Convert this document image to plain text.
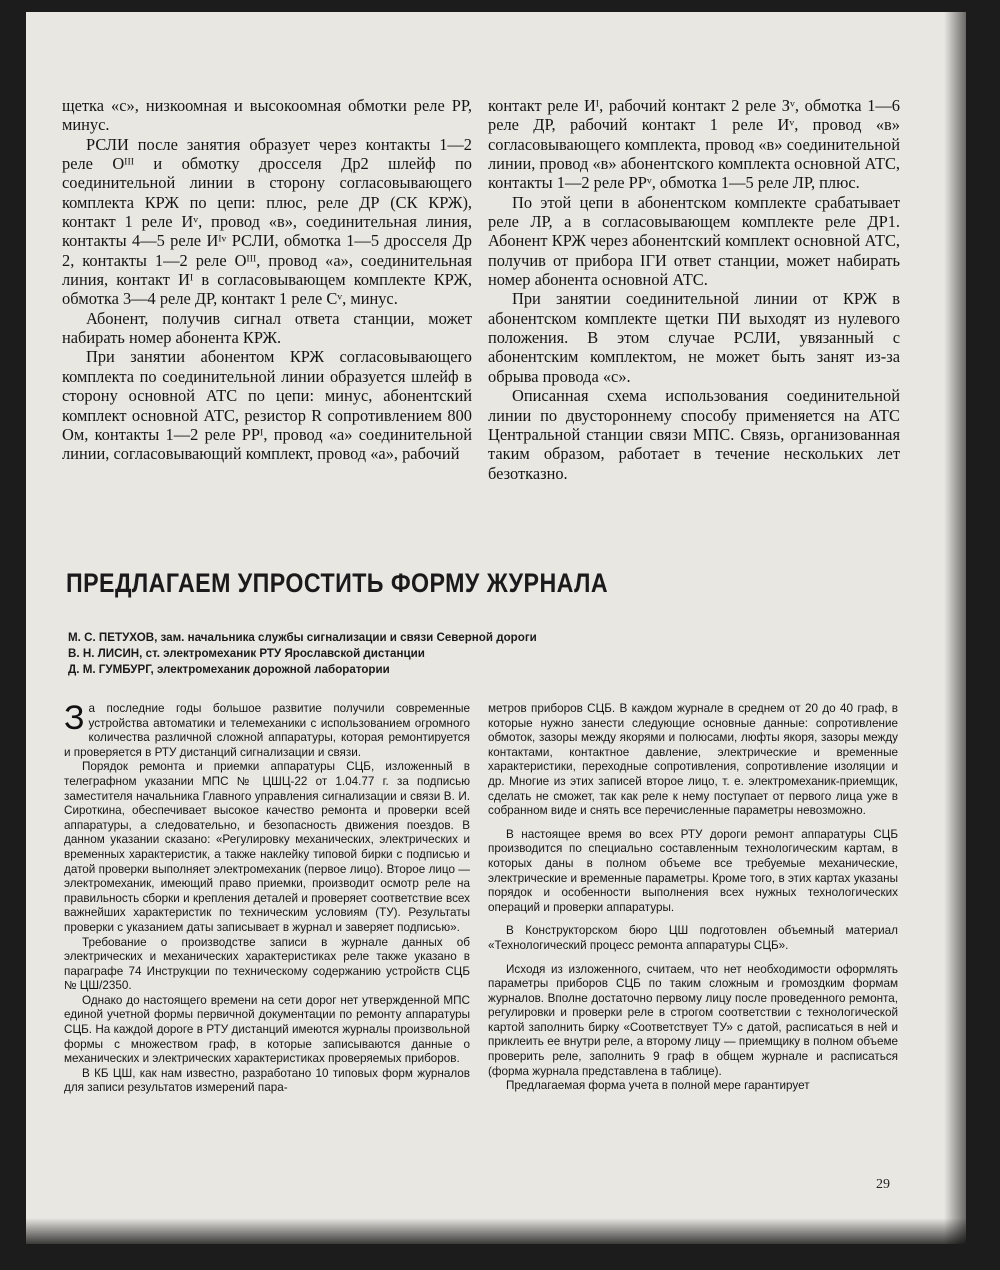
щетка «с», низкоомная и высокоомная обмотки реле РР, минус.

РСЛИ после занятия образует через контакты 1—2 реле Oᴵᴵᴵ и обмотку дросселя Др2 шлейф по соединительной линии в сторону согласовывающего комплекта КРЖ по цепи: плюс, реле ДР (СК КРЖ), контакт 1 реле Иᵛ, провод «в», соединительная линия, контакты 4—5 реле Иᴵᵛ РСЛИ, обмотка 1—5 дросселя Др 2, контакты 1—2 реле Oᴵᴵᴵ, провод «а», соединительная линия, контакт Иᴵ в согласовывающем комплекте КРЖ, обмотка 3—4 реле ДР, контакт 1 реле Сᵛ, минус.

Абонент, получив сигнал ответа станции, может набирать номер абонента КРЖ.

При занятии абонентом КРЖ согласовывающего комплекта по соединительной линии образуется шлейф в сторону основной АТС по цепи: минус, абонентский комплект основной АТС, резистор R сопротивлением 800 Ом, контакты 1—2 реле РРᴵ, провод «а» соединительной линии, согласовывающий комплект, провод «а», рабочий

контакт реле Иᴵ, рабочий контакт 2 реле Зᵛ, обмотка 1—6 реле ДР, рабочий контакт 1 реле Иᵛ, провод «в» согласовывающего комплекта, провод «в» соединительной линии, провод «в» абонентского комплекта основной АТС, контакты 1—2 реле РРᵛ, обмотка 1—5 реле ЛР, плюс.

По этой цепи в абонентском комплекте срабатывает реле ЛР, а в согласовывающем комплекте реле ДР1. Абонент КРЖ через абонентский комплект основной АТС, получив от прибора IГИ ответ станции, может набирать номер абонента основной АТС.

При занятии соединительной линии от КРЖ в абонентском комплекте щетки ПИ выходят из нулевого положения. В этом случае РСЛИ, увязанный с абонентским комплектом, не может быть занят из-за обрыва провода «с».

Описанная схема использования соединительной линии по двустороннему способу применяется на АТС Центральной станции связи МПС. Связь, организованная таким образом, работает в течение нескольких лет безотказно.

ПРЕДЛАГАЕМ УПРОСТИТЬ ФОРМУ ЖУРНАЛА
М. С. ПЕТУХОВ, зам. начальника службы сигнализации и связи Северной дороги
В. Н. ЛИСИН, ст. электромеханик РТУ Ярославской дистанции
Д. М. ГУМБУРГ, электромеханик дорожной лаборатории

За последние годы большое развитие получили современные устройства автоматики и телемеханики с использованием огромного количества различной сложной аппаратуры, которая ремонтируется и проверяется в РТУ дистанций сигнализации и связи.

Порядок ремонта и приемки аппаратуры СЦБ, изложенный в телеграфном указании МПС № ЦШЦ-22 от 1.04.77 г. за подписью заместителя начальника Главного управления сигнализации и связи В. И. Сироткина, обеспечивает высокое качество ремонта и проверки всей аппаратуры, а следовательно, и безопасность движения поездов. В данном указании сказано: «Регулировку механических, электрических и временных характеристик, а также наклейку типовой бирки с подписью и датой проверки выполняет электромеханик (первое лицо). Второе лицо — электромеханик, имеющий право приемки, производит осмотр реле на правильность сборки и крепления деталей и проверяет соответствие всех важнейших характеристик по техническим условиям (ТУ). Результаты проверки с указанием даты записывает в журнал и заверяет подписью».

Требование о производстве записи в журнале данных об электрических и механических характеристиках реле также указано в параграфе 74 Инструкции по техническому содержанию устройств СЦБ № ЦШ/2350.

Однако до настоящего времени на сети дорог нет утвержденной МПС единой учетной формы первичной документации по ремонту аппаратуры СЦБ. На каждой дороге в РТУ дистанций имеются журналы произвольной формы с множеством граф, в которые записываются данные о механических и электрических характеристиках проверяемых приборов.

В КБ ЦШ, как нам известно, разработано 10 типовых форм журналов для записи результатов измерений пара-

метров приборов СЦБ. В каждом журнале в среднем от 20 до 40 граф, в которые нужно занести следующие основные данные: сопротивление обмоток, зазоры между якорями и полюсами, люфты якоря, зазоры между контактами, контактное давление, электрические и временные характеристики, переходные сопротивления, сопротивление изоляции и др. Многие из этих записей второе лицо, т. е. электромеханик-приемщик, сделать не сможет, так как реле к нему поступает от первого лица уже в собранном виде и снять все перечисленные параметры невозможно.

В настоящее время во всех РТУ дороги ремонт аппаратуры СЦБ производится по специально составленным технологическим картам, в которых даны в полном объеме все требуемые механические, электрические и временные параметры. Кроме того, в этих картах указаны порядок и особенности выполнения всех нужных технологических операций и проверки аппаратуры.

В Конструкторском бюро ЦШ подготовлен объемный материал «Технологический процесс ремонта аппаратуры СЦБ».

Исходя из изложенного, считаем, что нет необходимости оформлять параметры приборов СЦБ по таким сложным и громоздким формам журналов. Вполне достаточно первому лицу после проведенного ремонта, регулировки и проверки реле в строгом соответствии с технологической картой заполнить бирку «Соответствует ТУ» с датой, расписаться в ней и приклеить ее внутри реле, а второму лицу — приемщику в полном объеме проверить реле, заполнить 9 граф в общем журнале и расписаться (форма журнала представлена в таблице).

Предлагаемая форма учета в полной мере гарантирует

29
